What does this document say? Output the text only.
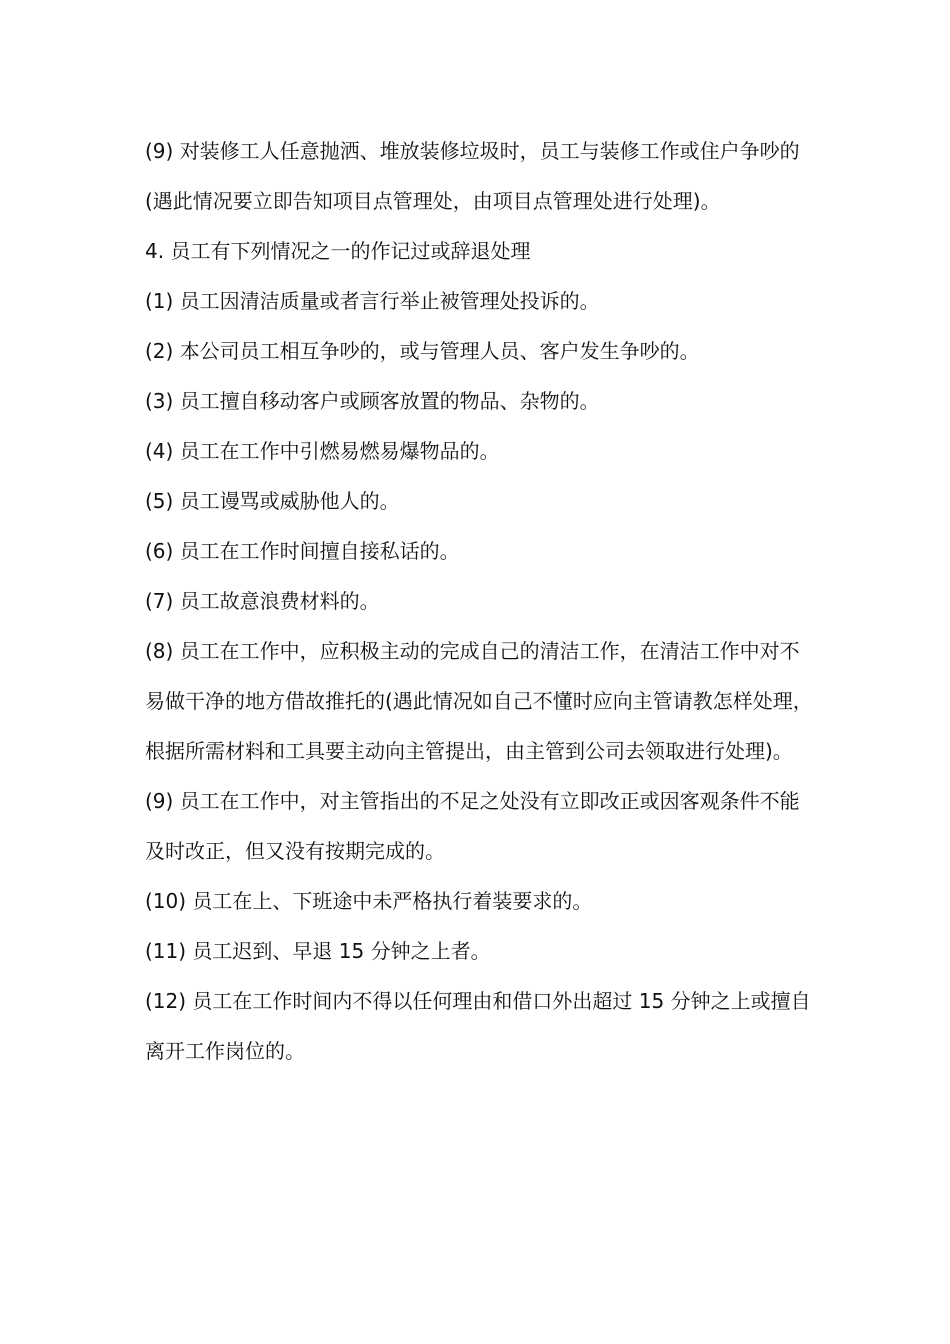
(9) 对装修工人任意抛洒、堆放装修垃圾时，员工与装修工作或住户争吵的(遇此情况要立即告知项目点管理处，由项目点管理处进行处理)。

4. 员工有下列情况之一的作记过或辞退处理

(1) 员工因清洁质量或者言行举止被管理处投诉的。

(2) 本公司员工相互争吵的，或与管理人员、客户发生争吵的。

(3) 员工擅自移动客户或顾客放置的物品、杂物的。

(4) 员工在工作中引燃易燃易爆物品的。

(5) 员工谩骂或威胁他人的。

(6) 员工在工作时间擅自接私话的。

(7) 员工故意浪费材料的。

(8) 员工在工作中，应积极主动的完成自己的清洁工作，在清洁工作中对不易做干净的地方借故推托的(遇此情况如自己不懂时应向主管请教怎样处理，根据所需材料和工具要主动向主管提出，由主管到公司去领取进行处理)。

(9) 员工在工作中，对主管指出的不足之处没有立即改正或因客观条件不能及时改正，但又没有按期完成的。

(10) 员工在上、下班途中未严格执行着装要求的。

(11) 员工迟到、早退 15 分钟之上者。

(12) 员工在工作时间内不得以任何理由和借口外出超过 15 分钟之上或擅自离开工作岗位的。
